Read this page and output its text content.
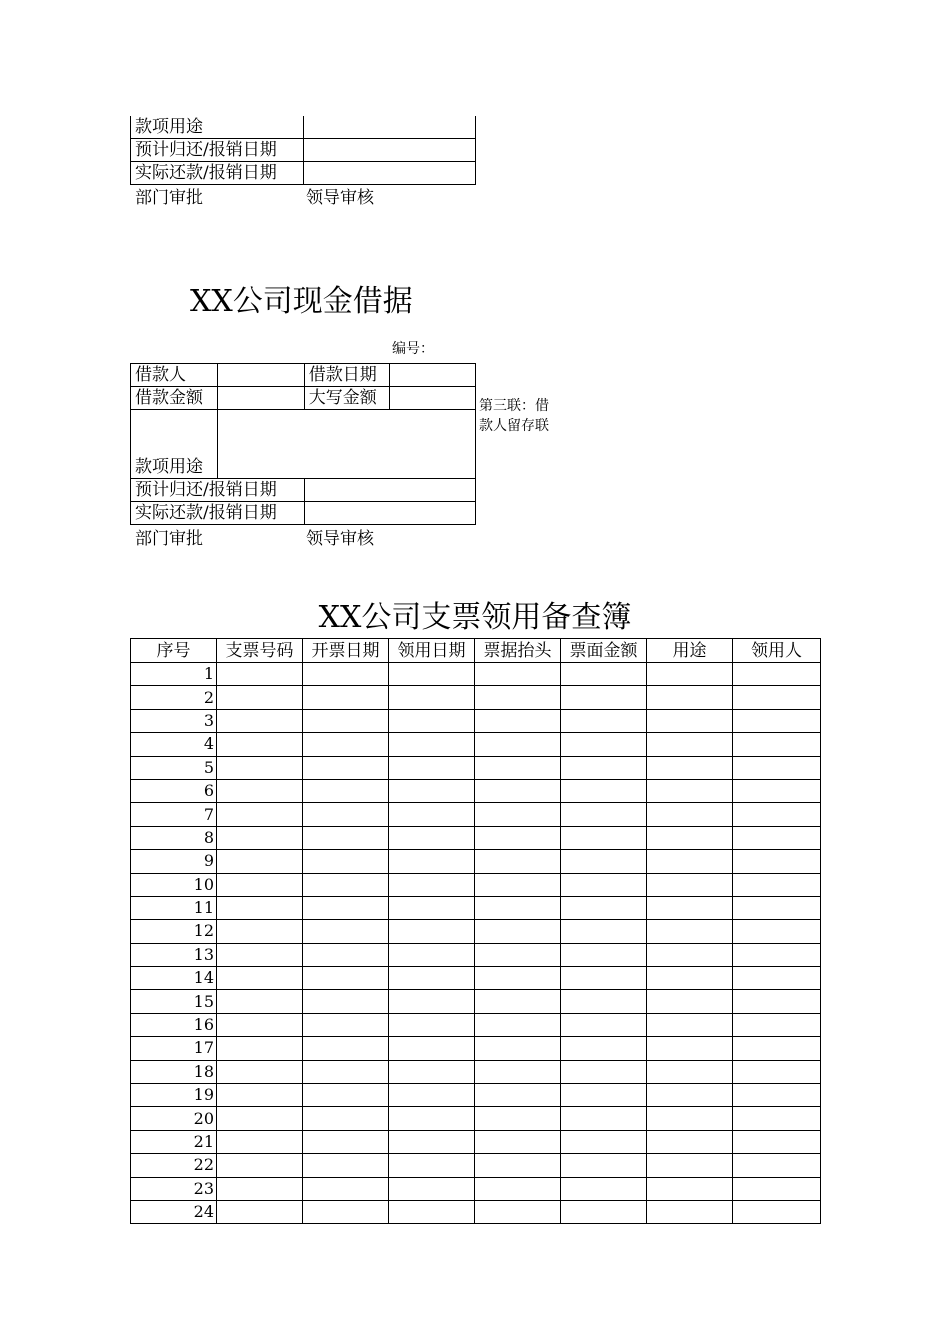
款项用途	
预计归还/报销日期	
实际还款/报销日期	
部门审批	领导审核
XX公司现金借据
编号：
借款人		借款日期	
借款金额		大写金额	
款项用途			
预计归还/报销日期			
实际还款/报销日期			
第三联：借
款人留存联
部门审批	领导审核
XX公司支票领用备查簿
序号	支票号码	开票日期	领用日期	票据抬头	票面金额	用途	领用人
1							
2							
3							
4							
5							
6							
7							
8							
9							
10							
11							
12							
13							
14							
15							
16							
17							
18							
19							
20							
21							
22							
23							
24							
